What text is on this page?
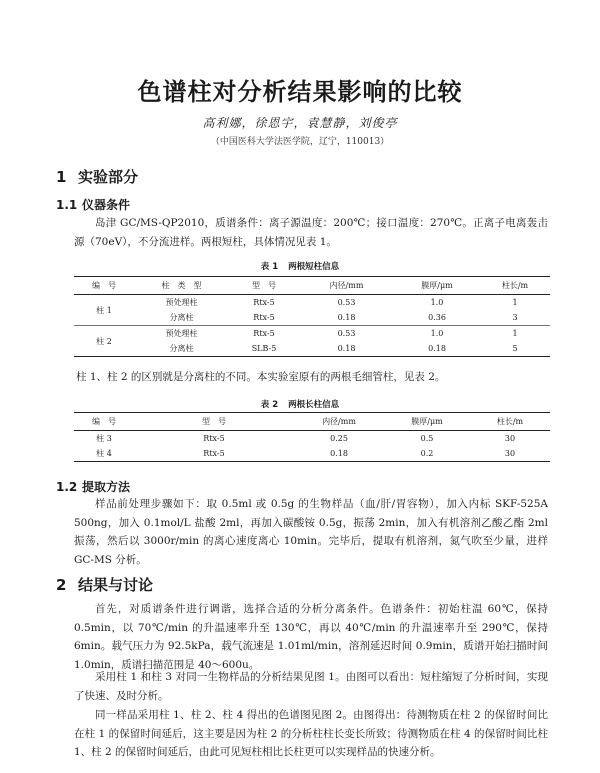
色谱柱对分析结果影响的比较
高利娜，徐恩宇，袁慧静，刘俊亭
（中国医科大学法医学院，辽宁，110013）
1 实验部分
1.1 仪器条件

岛津 GC/MS-QP2010，质谱条件：离子源温度：200℃；接口温度：270℃。正离子电离轰击源（70eV），不分流进样。两根短柱，具体情况见表 1。

表 1 两根短柱信息
编　号	柱　类　型	型　号	内径/mm	膜厚/μm	柱长/m
柱 1	预处理柱	Rtx-5	0.53	1.0	1
	分离柱	Rtx-5	0.18	0.36	3
柱 2	预处理柱	Rtx-5	0.53	1.0	1
	分离柱	SLB-5	0.18	0.18	5

柱 1、柱 2 的区别就是分离柱的不同。本实验室原有的两根毛细管柱，见表 2。

表 2 两根长柱信息
编　号	型　号	内径/mm	膜厚/μm	柱长/m
柱 3	Rtx-5	0.25	0.5	30
柱 4	Rtx-5	0.18	0.2	30
1.2 提取方法

样品前处理步骤如下：取 0.5ml 或 0.5g 的生物样品（血/肝/胃容物），加入内标 SKF-525A 500ng，加入 0.1mol/L 盐酸 2ml，再加入碳酸铵 0.5g，振荡 2min，加入有机溶剂乙酸乙酯 2ml 振荡，然后以 3000r/min 的离心速度离心 10min。完毕后，提取有机溶剂，氮气吹至少量，进样 GC-MS 分析。

2 结果与讨论

首先，对质谱条件进行调谐，选择合适的分析分离条件。色谱条件：初始柱温 60℃，保持 0.5min，以 70℃/min 的升温速率升至 130℃，再以 40℃/min 的升温速率升至 290℃，保持 6min。载气压力为 92.5kPa，载气流速是 1.01ml/min，溶剂延迟时间 0.9min，质谱开始扫描时间 1.0min，质谱扫描范围是 40～600u。

采用柱 1 和柱 3 对同一生物样品的分析结果见图 1。由图可以看出：短柱缩短了分析时间，实现了快速、及时分析。

同一样品采用柱 1、柱 2、柱 4 得出的色谱图见图 2。由图得出：待测物质在柱 2 的保留时间比在柱 1 的保留时间延后，这主要是因为柱 2 的分析柱柱长变长所致；待测物质在柱 4 的保留时间比柱 1、柱 2 的保留时间延后，由此可见短柱相比长柱更可以实现样品的快速分析。
